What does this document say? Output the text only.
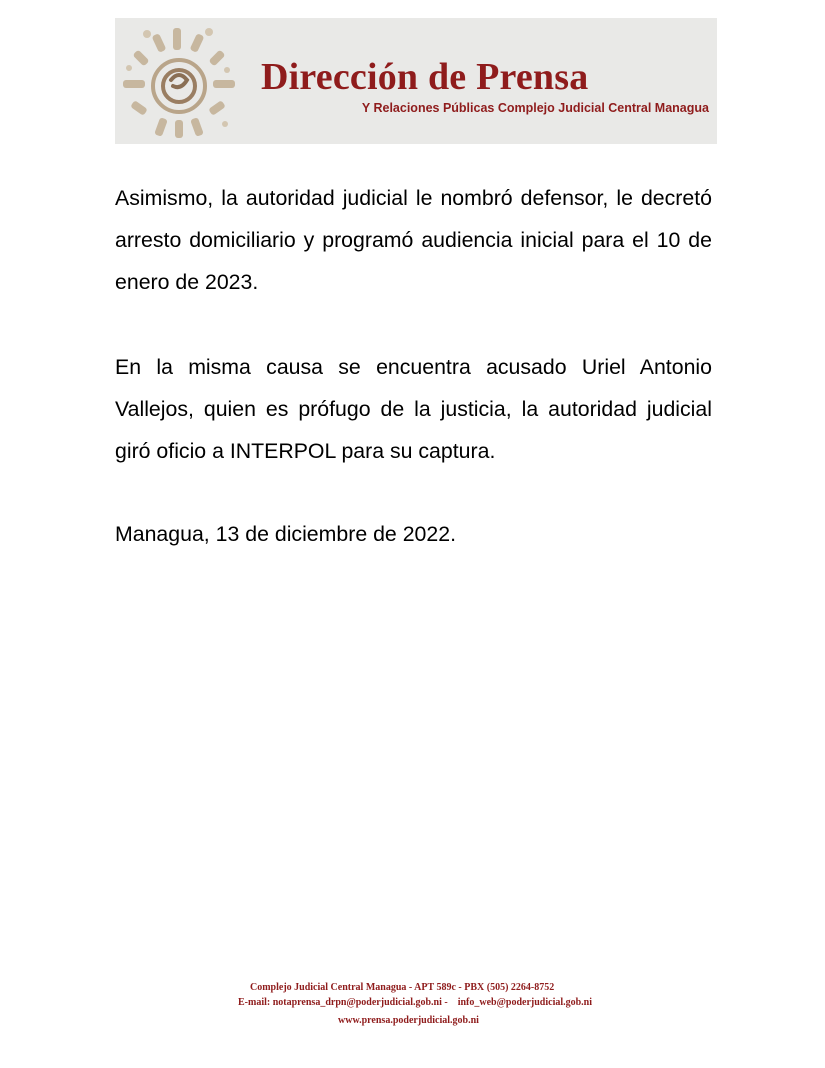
Dirección de Prensa
Y Relaciones Públicas Complejo Judicial Central Managua

Asimismo, la autoridad judicial le nombró defensor, le decretó arresto domiciliario y programó audiencia inicial para el 10 de enero de 2023.

En la misma causa se encuentra acusado Uriel Antonio Vallejos, quien es prófugo de la justicia, la autoridad judicial giró oficio a INTERPOL para su captura.

Managua, 13 de diciembre de 2022.

Complejo Judicial Central Managua - APT 589c - PBX (505) 2264-8752
E-mail: notaprensa_drpn@poderjudicial.gob.ni - info_web@poderjudicial.gob.ni
www.prensa.poderjudicial.gob.ni
